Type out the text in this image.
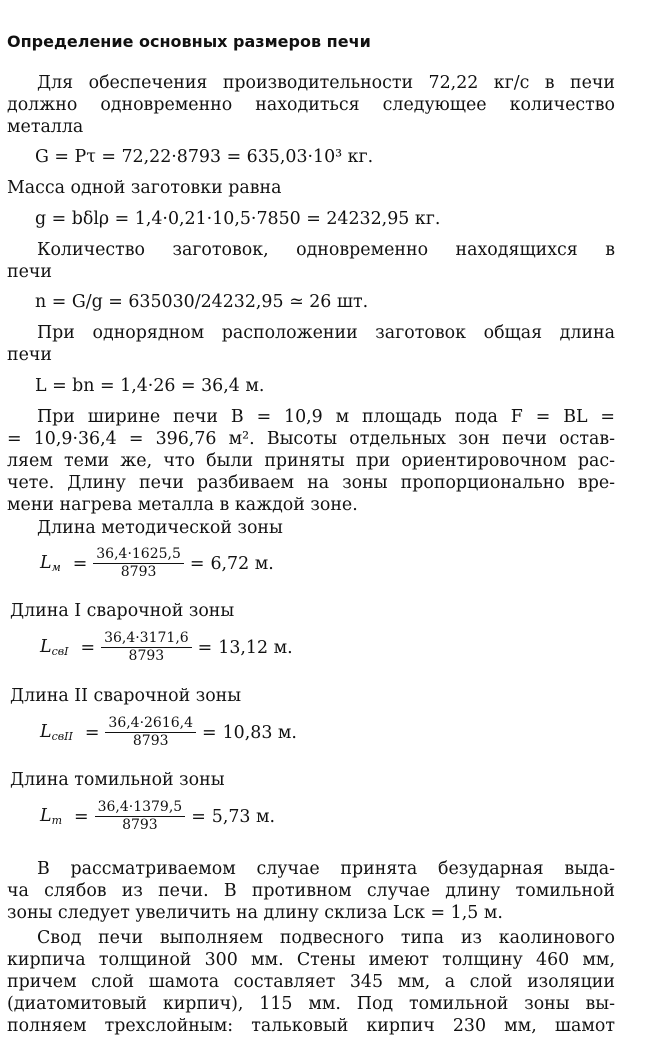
Определение основных размеров печи
Для обеспечения производительности 72,22 кг/с в печи
должно одновременно находиться следующее количество
металла
G = Pτ = 72,22·8793 = 635,03·10³ кг.
Масса одной заготовки равна
g = bδlρ = 1,4·0,21·10,5·7850 = 24232,95 кг.
Количество заготовок, одновременно находящихся в
печи
n = G/g = 635030/24232,95 ≃ 26 шт.
При однорядном расположении заготовок общая длина
печи
L = bn = 1,4·26 = 36,4 м.
При ширине печи B = 10,9 м площадь пода F = BL =
= 10,9·36,4 = 396,76 м². Высоты отдельных зон печи остав-
ляем теми же, что были приняты при ориентировочном рас-
чете. Длину печи разбиваем на зоны пропорционально вре-
мени нагрева металла в каждой зоне.
Длина методической зоны
$L_м = \frac{36,4\cdot 1625,5}{8793} = 6,72$ м.
Длина I сварочной зоны
$L_{свI} = \frac{36,4\cdot 3171,6}{8793} = 13,12$ м.
Длина II сварочной зоны
$L_{свII} = \frac{36,4\cdot 2616,4}{8793} = 10,83$ м.
Длина томильной зоны
$L_т = \frac{36,4\cdot 1379,5}{8793} = 5,73$ м.
В рассматриваемом случае принята безударная выда-
ча слябов из печи. В противном случае длину томильной
зоны следует увеличить на длину склиза Lск = 1,5 м.
Свод печи выполняем подвесного типа из каолинового
кирпича толщиной 300 мм. Стены имеют толщину 460 мм,
причем слой шамота составляет 345 мм, а слой изоляции
(диатомитовый кирпич), 115 мм. Под томильной зоны вы-
полняем трехслойным: тальковый кирпич 230 мм, шамот
